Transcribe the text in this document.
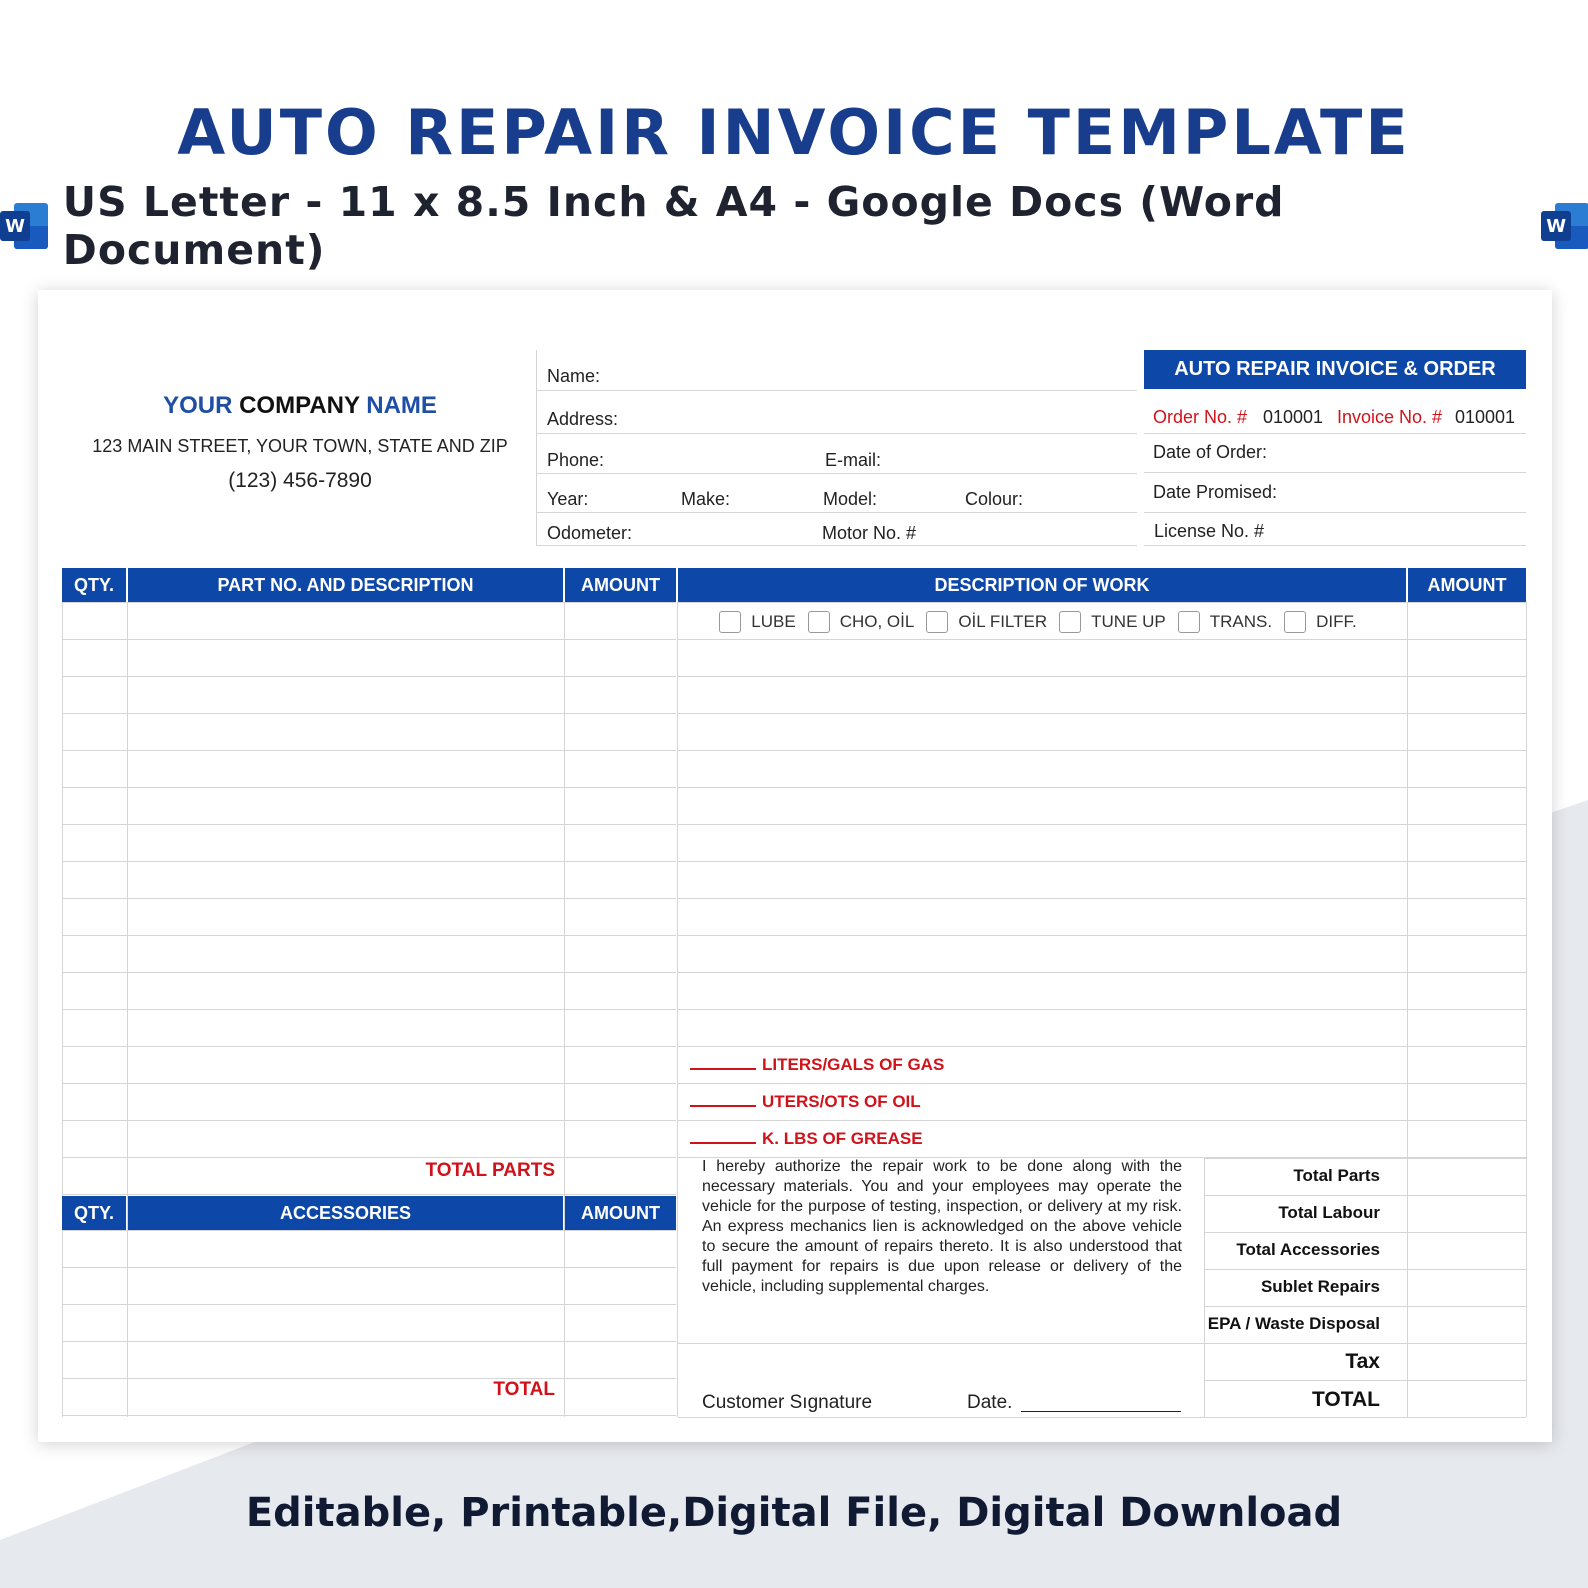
AUTO REPAIR INVOICE TEMPLATE
W US Letter - 11 x 8.5 Inch & A4 - Google Docs (Word Document)	W
YOUR COMPANY NAME
123 MAIN STREET, YOUR TOWN, STATE AND ZIP
(123) 456-7890
Name:
Address:
Phone:	E-mail:
Year:	Make:	Model:	Colour:
Odometer:	Motor No. #
AUTO REPAIR INVOICE & ORDER
Order No. # 010001 Invoice No. # 010001
Date of Order:
Date Promised:
License No. #
QTY.	PART NO. AND DESCRIPTION	AMOUNT	DESCRIPTION OF WORK	AMOUNT
LUBE	CHO, OİL	OİL FILTER	TUNE UP	TRANS.	DIFF.
LITERS/GALS OF GAS
UTERS/OTS OF OIL
K. LBS OF GREASE
TOTAL PARTS
QTY.	ACCESSORIES	AMOUNT
TOTAL
I hereby authorize the repair work to be done along with the necessary materials. You and your employees may operate the vehicle for the purpose of testing, inspection, or delivery at my risk. An express mechanics lien is acknowledged on the above vehicle to secure the amount of repairs thereto. It is also understood that full payment for repairs is due upon release or delivery of the vehicle, including supplemental charges.
Customer Sıgnature	Date.
Total Parts
Total Labour
Total Accessories
Sublet Repairs
EPA / Waste Disposal
Tax
TOTAL
Editable, Printable,Digital File, Digital Download
